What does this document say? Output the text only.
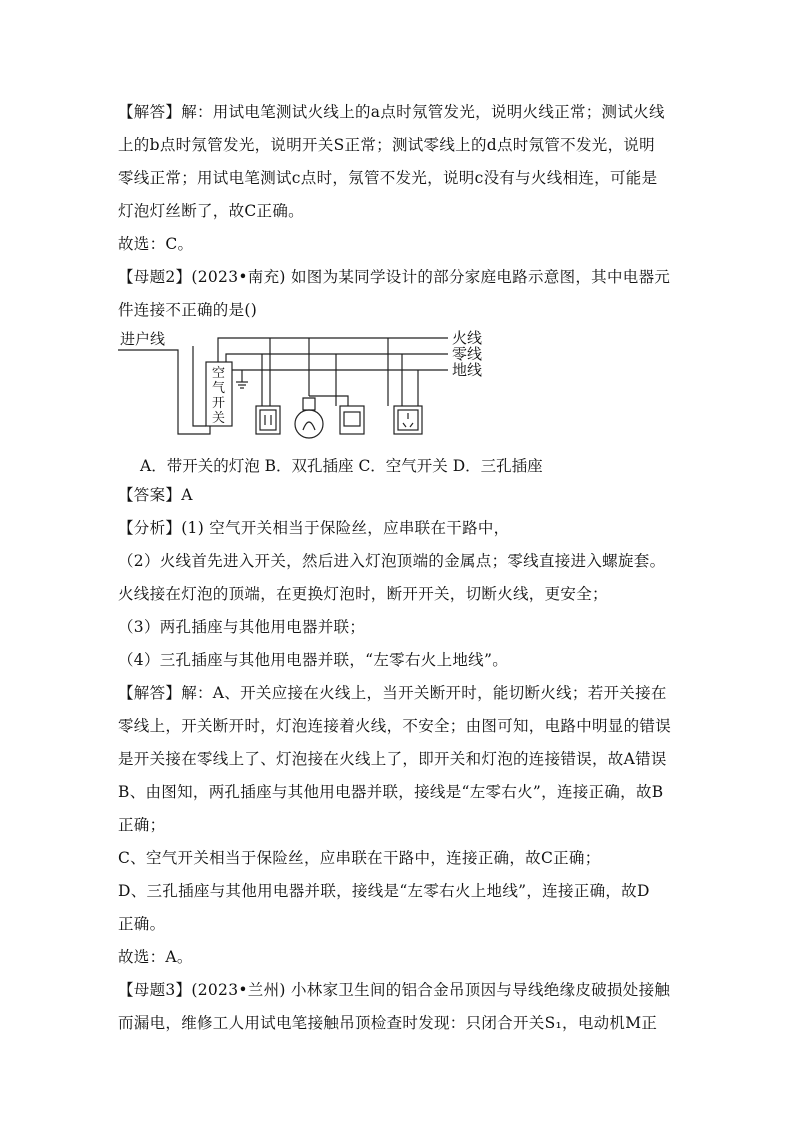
【解答】解：用试电笔测试火线上的a点时氖管发光，说明火线正常；测试火线
上的b点时氖管发光，说明开关S正常；测试零线上的d点时氖管不发光，说明
零线正常；用试电笔测试c点时，氖管不发光，说明c没有与火线相连，可能是
灯泡灯丝断了，故C正确。
故选：C。
【母题2】(2023•南充) 如图为某同学设计的部分家庭电路示意图，其中电器元
件连接不正确的是()
进户线	火线
零线
地线
空
气
开
关
A．带开关的灯泡 B．双孔插座 C．空气开关 D．三孔插座
【答案】A
【分析】(1) 空气开关相当于保险丝，应串联在干路中，
（2）火线首先进入开关，然后进入灯泡顶端的金属点；零线直接进入螺旋套。
火线接在灯泡的顶端，在更换灯泡时，断开开关，切断火线，更安全；
（3）两孔插座与其他用电器并联；
（4）三孔插座与其他用电器并联，“左零右火上地线”。
【解答】解：A、开关应接在火线上，当开关断开时，能切断火线；若开关接在
零线上，开关断开时，灯泡连接着火线，不安全；由图可知，电路中明显的错误
是开关接在零线上了、灯泡接在火线上了，即开关和灯泡的连接错误，故A错误
B、由图知，两孔插座与其他用电器并联，接线是“左零右火”，连接正确，故B
正确；
C、空气开关相当于保险丝，应串联在干路中，连接正确，故C正确；
D、三孔插座与其他用电器并联，接线是“左零右火上地线”，连接正确，故D
正确。
故选：A。
【母题3】(2023•兰州) 小林家卫生间的铝合金吊顶因与导线绝缘皮破损处接触
而漏电，维修工人用试电笔接触吊顶检查时发现：只闭合开关S₁，电动机M正
